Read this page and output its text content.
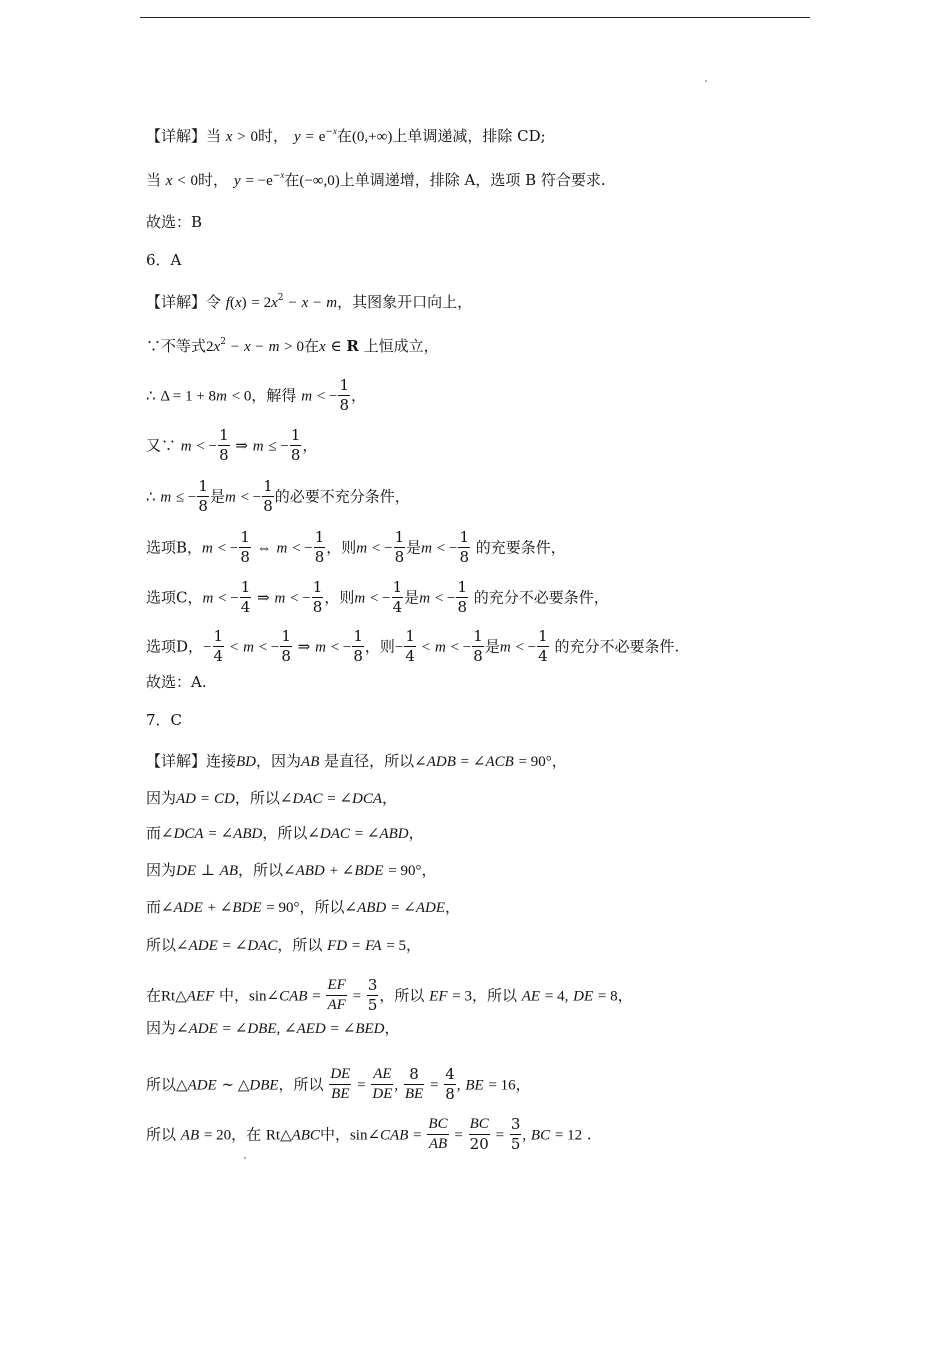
【详解】当 x > 0时， $y = e^{-x}$在(0,+∞)上单调递减，排除 CD;
当 x < 0时， $y = -e^{-x}$在(−∞,0)上单调递增，排除 A，选项 B 符合要求.
故选：B
6．A
【详解】令 $f(x) = 2x^2 - x - m$，其图象开口向上，
∵不等式$2x^2 - x - m > 0$在x ∈ R 上恒成立，
∴ Δ = 1 + 8m < 0，解得 m < − $\frac{1}{8}$ ，
又∵ m < − $\frac{1}{8}$ ⇒ m ≤ − $\frac{1}{8}$ ，
∴ m ≤ − $\frac{1}{8}$ 是m < − $\frac{1}{8}$ 的必要不充分条件，
选项B，m < − $\frac{1}{8}$ ⇔ m < − $\frac{1}{8}$ ，则m < − $\frac{1}{8}$ 是m < − $\frac{1}{8}$ 的充要条件，
选项C，m < − $\frac{1}{4}$ ⇒ m < − $\frac{1}{8}$ ，则m < − $\frac{1}{4}$ 是m < − $\frac{1}{8}$ 的充分不必要条件，
选项D，− $\frac{1}{4} < m$ < − $\frac{1}{8}$ ⇒ m < − $\frac{1}{8}$ ，则− $\frac{1}{4} < m$ < − $\frac{1}{8}$ 是m < − $\frac{1}{4}$ 的充分不必要条件.
故选：A.
7．C
【详解】连接BD，因为AB 是直径，所以∠ADB = ∠ACB = 90°，
因为AD = CD，所以∠DAC = ∠DCA，
而∠DCA = ∠ABD，所以∠DAC = ∠ABD，
因为DE ⊥ AB，所以∠ABD + ∠BDE = 90°，
而∠ADE + ∠BDE = 90°，所以∠ABD = ∠ADE，
所以∠ADE = ∠DAC，所以 FD = FA = 5，
在Rt△AEF 中，sin∠CAB = $\frac{EF}{AF} = \frac{3}{5}$ ，所以 EF = 3，所以 AE = 4, DE = 8，
因为∠ADE = ∠DBE, ∠AED = ∠BED，
所以△ADE ∼ △DBE，所以 $\frac{DE}{BE} = \frac{AE}{DE}$ , $\frac{8}{BE} = \frac{4}{8}$ , BE = 16，
所以 AB = 20，在 Rt△ABC中，sin∠CAB = $\frac{BC}{AB} = \frac{BC}{20} = \frac{3}{5}$ , BC = 12 .
